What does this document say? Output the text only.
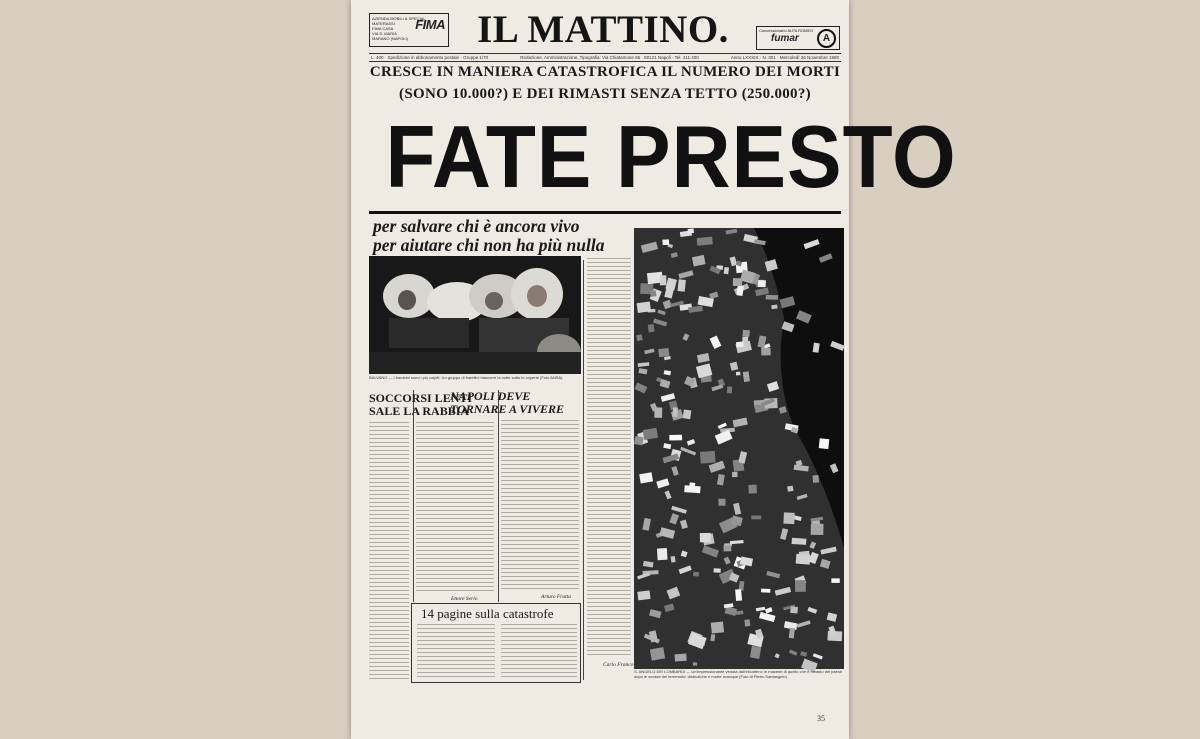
AZIENDA MOBILI & SPECIAL
MATERASSI
FIMA CASA
VIA S. MARIA
MARANO (NAPOLI)
FIMA IL MATTINO.	Concessionario ALFA ROMEO
fumar	A
L. 400 · Spedizione in abbonamento postale · Gruppe 1/70	Redazione, Amministrazione, Tipografia: Via Chiatamone 65 · 80121 Napoli · Tel. 411.400	Anno LXXXIX · N. 301 · Mercoledì 26 Novembre 1980
CRESCE IN MANIERA CATASTROFICA IL NUMERO DEI MORTI
(SONO 10.000?) E DEI RIMASTI SENZA TETTO (250.000?)
FATE PRESTO
per salvare chi è ancora vivo
per aiutare chi non ha più nulla
BALVANO — I bambini sono i più colpiti: Un gruppo di fratellini trascorre la notte sotto le coperte (Foto ANSA)
S. ANGELO DEI LOMBARDI — Un'impressionante veduta dall'elicottero: le macerie di quello che è rimasto del paese dopo le scosse del terremoto: distruzione e morte ovunque (Foto di Pietro Santangelo)
SOCCORSI LENTI
SALE LA RABBIA
Ettore Serio
NAPOLI DEVE
TORNARE A VIVERE
Arturo Fratta
Carlo Franco
14 pagine sulla catastrofe
35
